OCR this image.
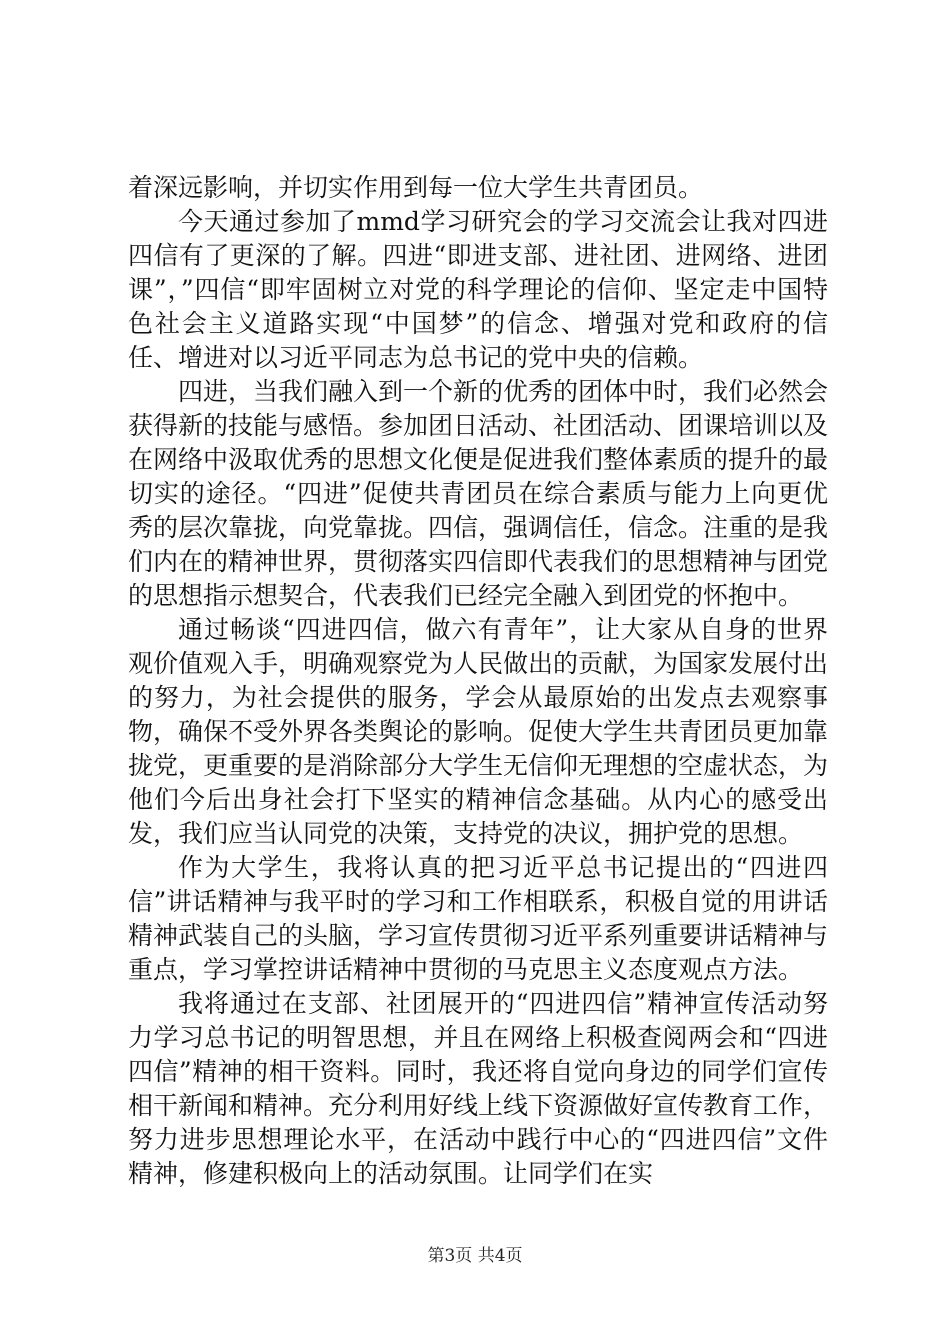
着深远影响，并切实作用到每一位大学生共青团员。

今天通过参加了mmd学习研究会的学习交流会让我对四进四信有了更深的了解。四进“即进支部、进社团、进网络、进团课”，”四信“即牢固树立对党的科学理论的信仰、坚定走中国特色社会主义道路实现“中国梦”的信念、增强对党和政府的信任、增进对以习近平同志为总书记的党中央的信赖。

四进，当我们融入到一个新的优秀的团体中时，我们必然会获得新的技能与感悟。参加团日活动、社团活动、团课培训以及在网络中汲取优秀的思想文化便是促进我们整体素质的提升的最切实的途径。“四进”促使共青团员在综合素质与能力上向更优秀的层次靠拢，向党靠拢。四信，强调信任，信念。注重的是我们内在的精神世界，贯彻落实四信即代表我们的思想精神与团党的思想指示想契合，代表我们已经完全融入到团党的怀抱中。

通过畅谈“四进四信，做六有青年”，让大家从自身的世界观价值观入手，明确观察党为人民做出的贡献，为国家发展付出的努力，为社会提供的服务，学会从最原始的出发点去观察事物，确保不受外界各类舆论的影响。促使大学生共青团员更加靠拢党，更重要的是消除部分大学生无信仰无理想的空虚状态，为他们今后出身社会打下坚实的精神信念基础。从内心的感受出发，我们应当认同党的决策，支持党的决议，拥护党的思想。

作为大学生，我将认真的把习近平总书记提出的“四进四信”讲话精神与我平时的学习和工作相联系，积极自觉的用讲话精神武装自己的头脑，学习宣传贯彻习近平系列重要讲话精神与重点，学习掌控讲话精神中贯彻的马克思主义态度观点方法。

我将通过在支部、社团展开的“四进四信”精神宣传活动努力学习总书记的明智思想，并且在网络上积极查阅两会和“四进四信”精神的相干资料。同时，我还将自觉向身边的同学们宣传相干新闻和精神。充分利用好线上线下资源做好宣传教育工作，努力进步思想理论水平，在活动中践行中心的“四进四信”文件精神，修建积极向上的活动氛围。让同学们在实

第3页 共4页
